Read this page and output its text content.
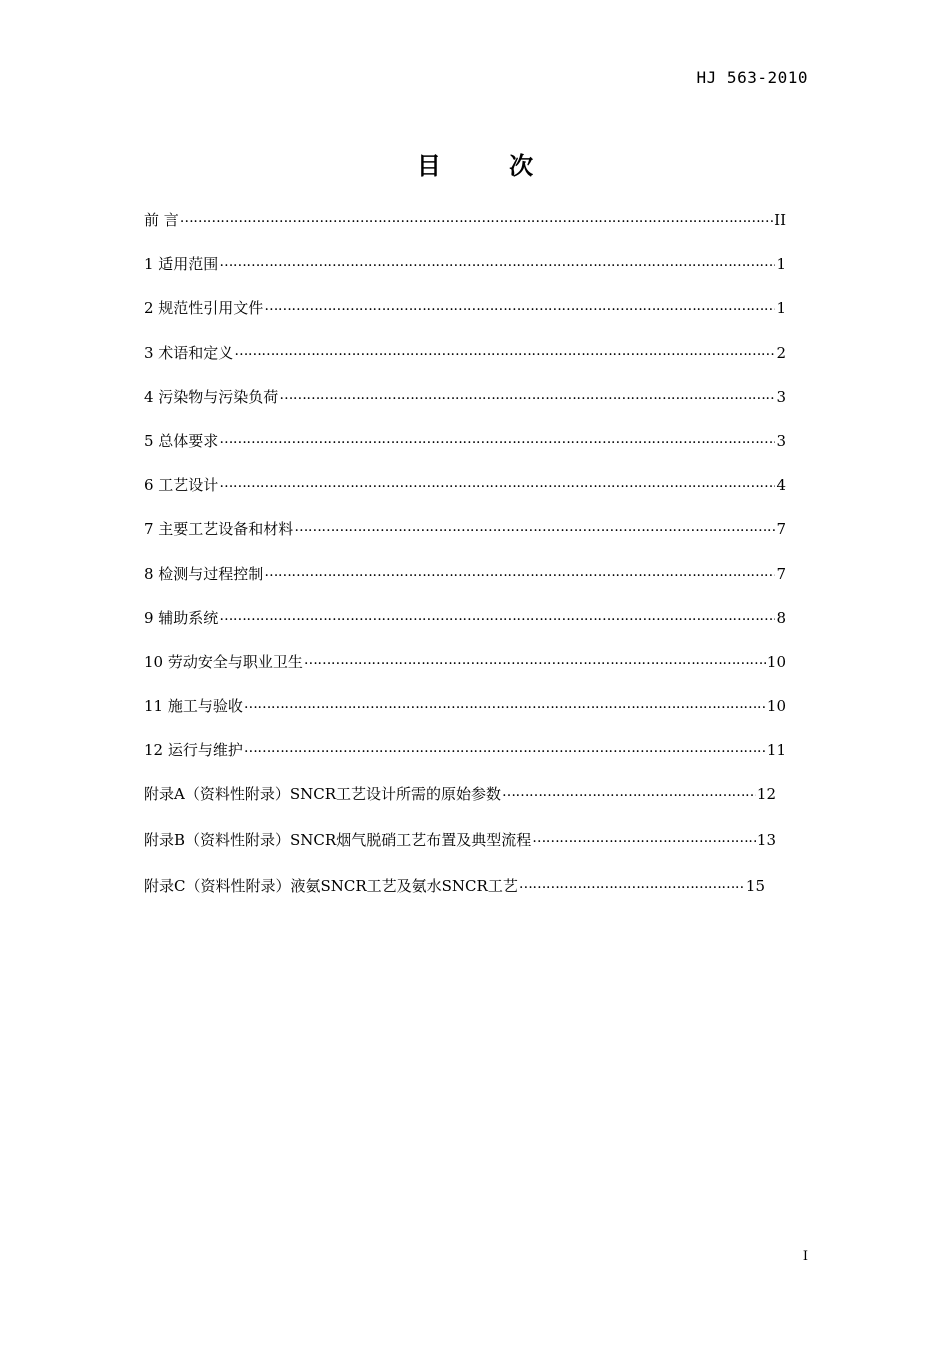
HJ 563-2010
目 次
前 言 …………………………………………………………………………………………………………………………………………………………………………………………………………………………………………	II
1 适用范围 …………………………………………………………………………………………………………………………………………………………………………………………………………………………………………	1
2 规范性引用文件 …………………………………………………………………………………………………………………………………………………………………………………………………………………………………………	1
3 术语和定义 …………………………………………………………………………………………………………………………………………………………………………………………………………………………………………	2
4 污染物与污染负荷 …………………………………………………………………………………………………………………………………………………………………………………………………………………………………………	3
5 总体要求 …………………………………………………………………………………………………………………………………………………………………………………………………………………………………………	3
6 工艺设计 …………………………………………………………………………………………………………………………………………………………………………………………………………………………………………	4
7 主要工艺设备和材料 …………………………………………………………………………………………………………………………………………………………………………………………………………………………………………	7
8 检测与过程控制 …………………………………………………………………………………………………………………………………………………………………………………………………………………………………………	7
9 辅助系统 …………………………………………………………………………………………………………………………………………………………………………………………………………………………………………	8
10 劳动安全与职业卫生 …………………………………………………………………………………………………………………………………………………………………………………………………………………………………………	10
11 施工与验收 …………………………………………………………………………………………………………………………………………………………………………………………………………………………………………	10
12 运行与维护 …………………………………………………………………………………………………………………………………………………………………………………………………………………………………………	11
附录A（资料性附录）SNCR工艺设计所需的原始参数 …………………………………………………………………………………………………………………………………………………………………………………………………………………………………………	12
附录B（资料性附录）SNCR烟气脱硝工艺布置及典型流程 …………………………………………………………………………………………………………………………………………………………………………………………………………………………………………	13
附录C（资料性附录）液氨SNCR工艺及氨水SNCR工艺 …………………………………………………………………………………………………………………………………………………………………………………………………………………………………………	15
I
